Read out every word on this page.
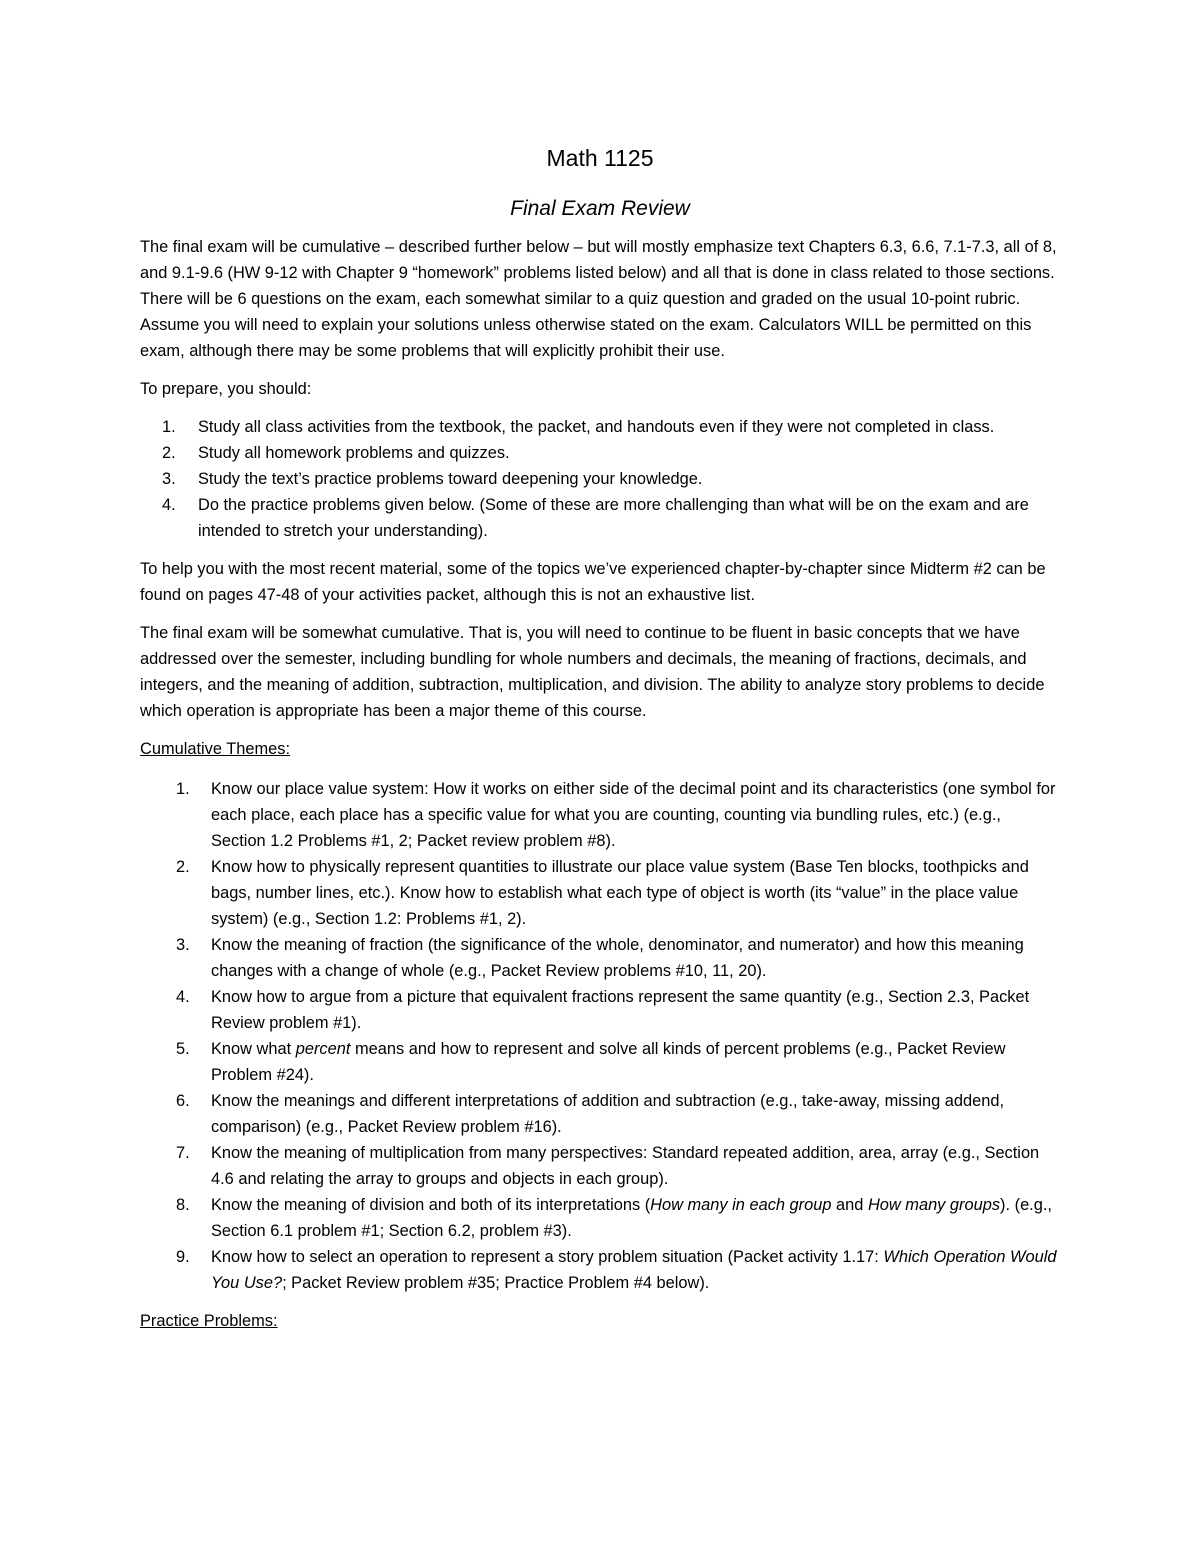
Math 1125
Final Exam Review

The final exam will be cumulative – described further below – but will mostly emphasize text Chapters 6.3, 6.6, 7.1-7.3, all of 8, and 9.1-9.6 (HW 9-12 with Chapter 9 “homework” problems listed below) and all that is done in class related to those sections. There will be 6 questions on the exam, each somewhat similar to a quiz question and graded on the usual 10-point rubric. Assume you will need to explain your solutions unless otherwise stated on the exam. Calculators WILL be permitted on this exam, although there may be some problems that will explicitly prohibit their use.

To prepare, you should:

1.	Study all class activities from the textbook, the packet, and handouts even if they were not completed in class.
2.	Study all homework problems and quizzes.
3.	Study the text’s practice problems toward deepening your knowledge.
4.	Do the practice problems given below. (Some of these are more challenging than what will be on the exam and are intended to stretch your understanding).

To help you with the most recent material, some of the topics we’ve experienced chapter-by-chapter since Midterm #2 can be found on pages 47-48 of your activities packet, although this is not an exhaustive list.

The final exam will be somewhat cumulative. That is, you will need to continue to be fluent in basic concepts that we have addressed over the semester, including bundling for whole numbers and decimals, the meaning of fractions, decimals, and integers, and the meaning of addition, subtraction, multiplication, and division. The ability to analyze story problems to decide which operation is appropriate has been a major theme of this course.

Cumulative Themes:

1.	Know our place value system: How it works on either side of the decimal point and its characteristics (one symbol for each place, each place has a specific value for what you are counting, counting via bundling rules, etc.) (e.g., Section 1.2 Problems #1, 2; Packet review problem #8).
2.	Know how to physically represent quantities to illustrate our place value system (Base Ten blocks, toothpicks and bags, number lines, etc.). Know how to establish what each type of object is worth (its “value” in the place value system) (e.g., Section 1.2: Problems #1, 2).
3.	Know the meaning of fraction (the significance of the whole, denominator, and numerator) and how this meaning changes with a change of whole (e.g., Packet Review problems #10, 11, 20).
4.	Know how to argue from a picture that equivalent fractions represent the same quantity (e.g., Section 2.3, Packet Review problem #1).
5.	Know what percent means and how to represent and solve all kinds of percent problems (e.g., Packet Review Problem #24).
6.	Know the meanings and different interpretations of addition and subtraction (e.g., take-away, missing addend, comparison) (e.g., Packet Review problem #16).
7.	Know the meaning of multiplication from many perspectives: Standard repeated addition, area, array (e.g., Section 4.6 and relating the array to groups and objects in each group).
8.	Know the meaning of division and both of its interpretations (How many in each group and How many groups). (e.g., Section 6.1 problem #1; Section 6.2, problem #3).
9.	Know how to select an operation to represent a story problem situation (Packet activity 1.17: Which Operation Would You Use?; Packet Review problem #35; Practice Problem #4 below).

Practice Problems:
